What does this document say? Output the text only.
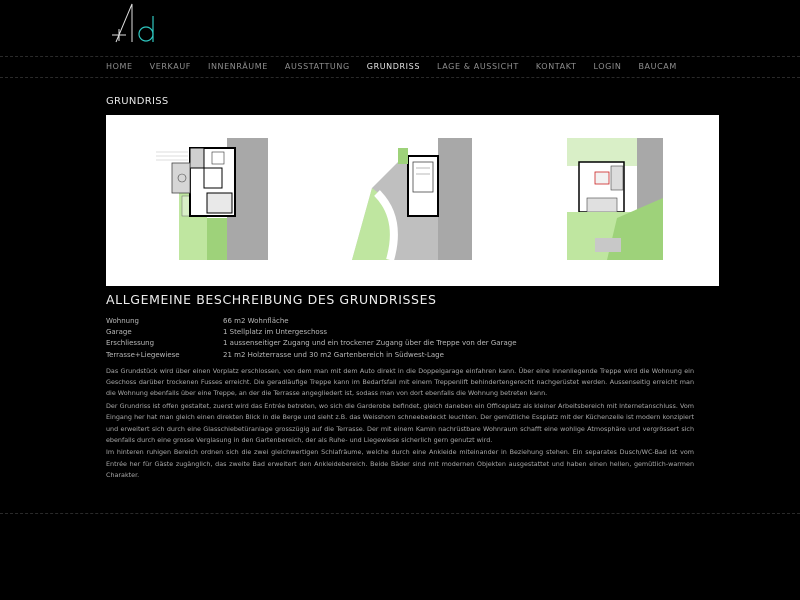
HOME VERKAUF INNENRÄUME AUSSTATTUNG GRUNDRISS LAGE & AUSSICHT KONTAKT LOGIN BAUCAM
GRUNDRISS
ALLGEMEINE BESCHREIBUNG DES GRUNDRISSES
Wohnung	66 m2 Wohnfläche
Garage	1 Stellplatz im Untergeschoss
Erschliessung	1 aussenseitiger Zugang und ein trockener Zugang über die Treppe von der Garage
Terrasse+Liegewiese	21 m2 Holzterrasse und 30 m2 Gartenbereich in Südwest-Lage

Das Grundstück wird über einen Vorplatz erschlossen, von dem man mit dem Auto direkt in die Doppelgarage einfahren kann. Über eine innenliegende Treppe wird die Wohnung ein Geschoss darüber trockenen Fusses erreicht. Die geradläufige Treppe kann im Bedarfsfall mit einem Treppenlift behindertengerecht nachgerüstet werden. Aussenseitig erreicht man die Wohnung ebenfalls über eine Treppe, an der die Terrasse angegliedert ist, sodass man von dort ebenfalls die Wohnung betreten kann.

Der Grundriss ist offen gestaltet, zuerst wird das Entrée betreten, wo sich die Garderobe befindet, gleich daneben ein Officeplatz als kleiner Arbeitsbereich mit Internetanschluss. Vom Eingang her hat man gleich einen direkten Blick in die Berge und sieht z.B. das Weisshorn schneebedeckt leuchten. Der gemütliche Essplatz mit der Küchenzeile ist modern konzipiert und erweitert sich durch eine Glasschiebetüranlage grosszügig auf die Terrasse. Der mit einem Kamin nachrüstbare Wohnraum schafft eine wohlige Atmosphäre und vergrössert sich ebenfalls durch eine grosse Verglasung in den Gartenbereich, der als Ruhe- und Liegewiese sicherlich gern genutzt wird.

Im hinteren ruhigen Bereich ordnen sich die zwei gleichwertigen Schlafräume, welche durch eine Ankleide miteinander in Beziehung stehen. Ein separates Dusch/WC-Bad ist vom Entrée her für Gäste zugänglich, das zweite Bad erweitert den Ankleidebereich. Beide Bäder sind mit modernen Objekten ausgestattet und haben einen hellen, gemütlich-warmen Charakter.
